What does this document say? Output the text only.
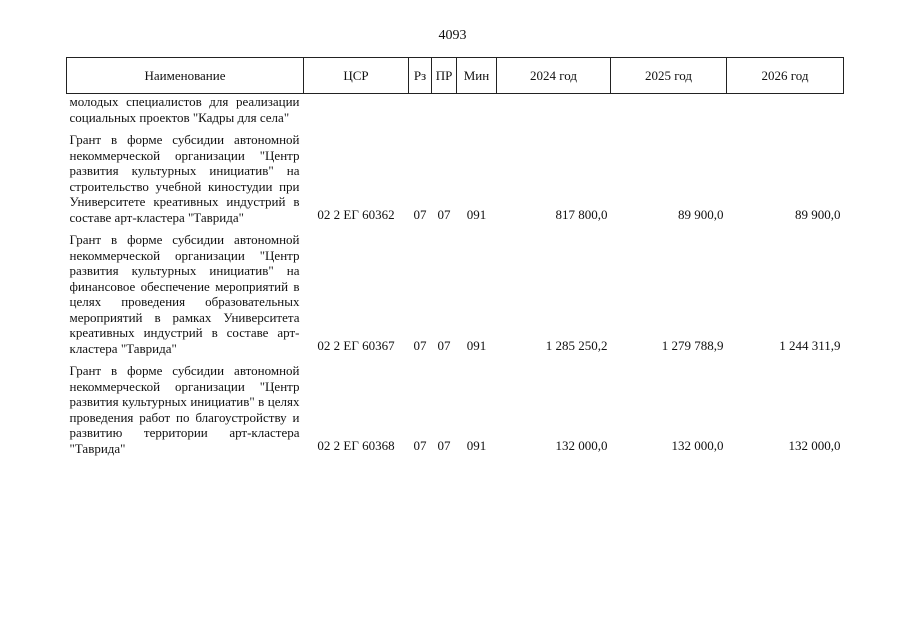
4093
Наименование	ЦСР	Рз	ПР	Мин	2024 год	2025 год	2026 год
молодых специалистов для реализации социальных проектов "Кадры для села"							
Грант в форме субсидии автономной некоммерческой организации "Центр развития культурных инициатив" на строительство учебной киностудии при Университете креативных индустрий в составе арт-кластера "Таврида"	02 2 ЕГ 60362	07	07	091	817 800,0	89 900,0	89 900,0
Грант в форме субсидии автономной некоммерческой организации "Центр развития культурных инициатив" на финансовое обеспечение мероприятий в целях проведения образовательных мероприятий в рамках Университета креативных индустрий в составе арт-кластера "Таврида"	02 2 ЕГ 60367	07	07	091	1 285 250,2	1 279 788,9	1 244 311,9
Грант в форме субсидии автономной некоммерческой организации "Центр развития культурных инициатив" в целях проведения работ по благоустройству и развитию территории арт-кластера "Таврида"	02 2 ЕГ 60368	07	07	091	132 000,0	132 000,0	132 000,0
